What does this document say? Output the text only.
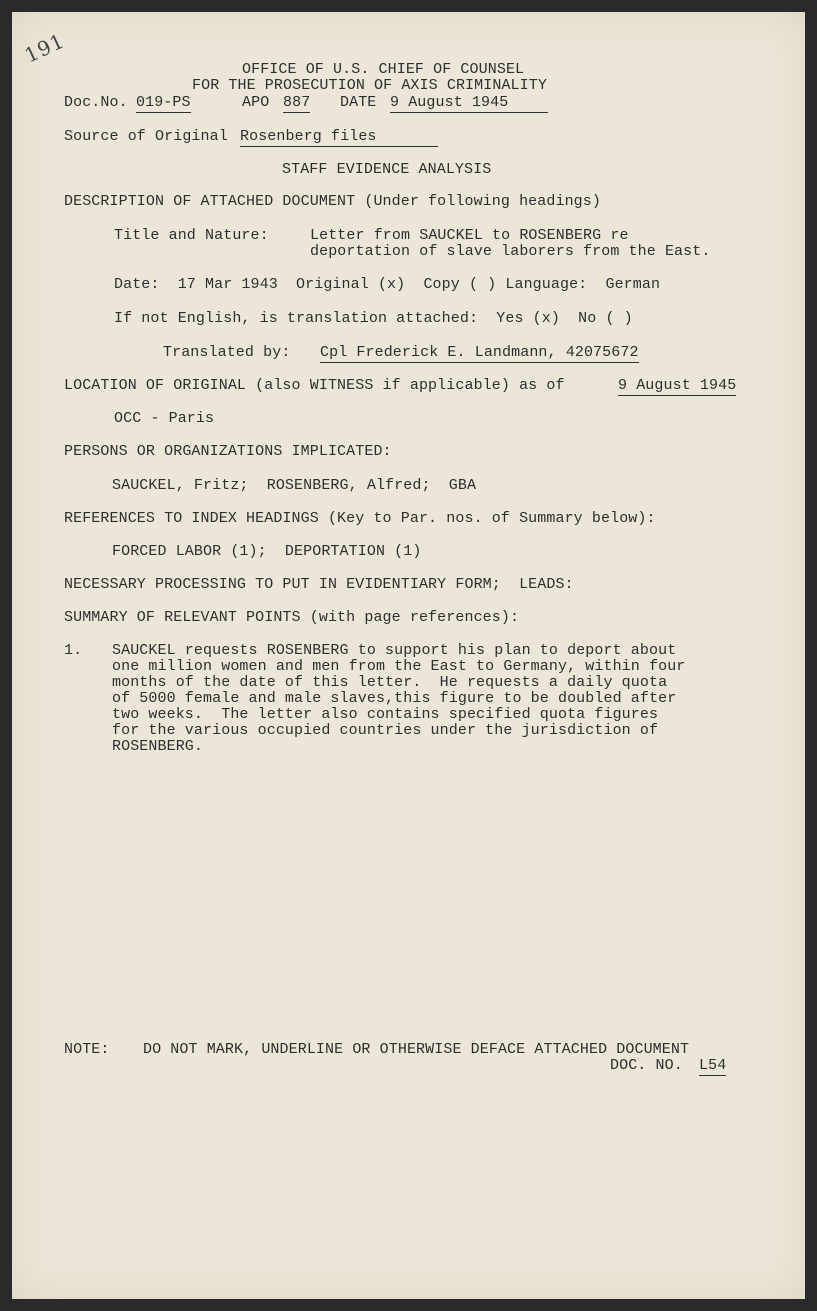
191
OFFICE OF U.S. CHIEF OF COUNSEL
FOR THE PROSECUTION OF AXIS CRIMINALITY
Doc.No. 019-PS	APO 887 DATE 9 August 1945
Source of Original Rosenberg files
STAFF EVIDENCE ANALYSIS
DESCRIPTION OF ATTACHED DOCUMENT (Under following headings)
Title and Nature:	Letter from SAUCKEL to ROSENBERG re
deportation of slave laborers from the East.
Date:  17 Mar 1943  Original (x)  Copy ( ) Language:  German
If not English, is translation attached:  Yes (x)  No ( )
Translated by: Cpl Frederick E. Landmann, 42075672
LOCATION OF ORIGINAL (also WITNESS if applicable) as of	9 August 1945
OCC - Paris
PERSONS OR ORGANIZATIONS IMPLICATED:
SAUCKEL, Fritz;  ROSENBERG, Alfred;  GBA
REFERENCES TO INDEX HEADINGS (Key to Par. nos. of Summary below):
FORCED LABOR (1);  DEPORTATION (1)
NECESSARY PROCESSING TO PUT IN EVIDENTIARY FORM;  LEADS:
SUMMARY OF RELEVANT POINTS (with page references):
1. SAUCKEL requests ROSENBERG to support his plan to deport about
one million women and men from the East to Germany, within four
months of the date of this letter.  He requests a daily quota
of 5000 female and male slaves,this figure to be doubled after
two weeks.  The letter also contains specified quota figures
for the various occupied countries under the jurisdiction of
ROSENBERG.
NOTE: DO NOT MARK, UNDERLINE OR OTHERWISE DEFACE ATTACHED DOCUMENT
DOC. NO. L54
